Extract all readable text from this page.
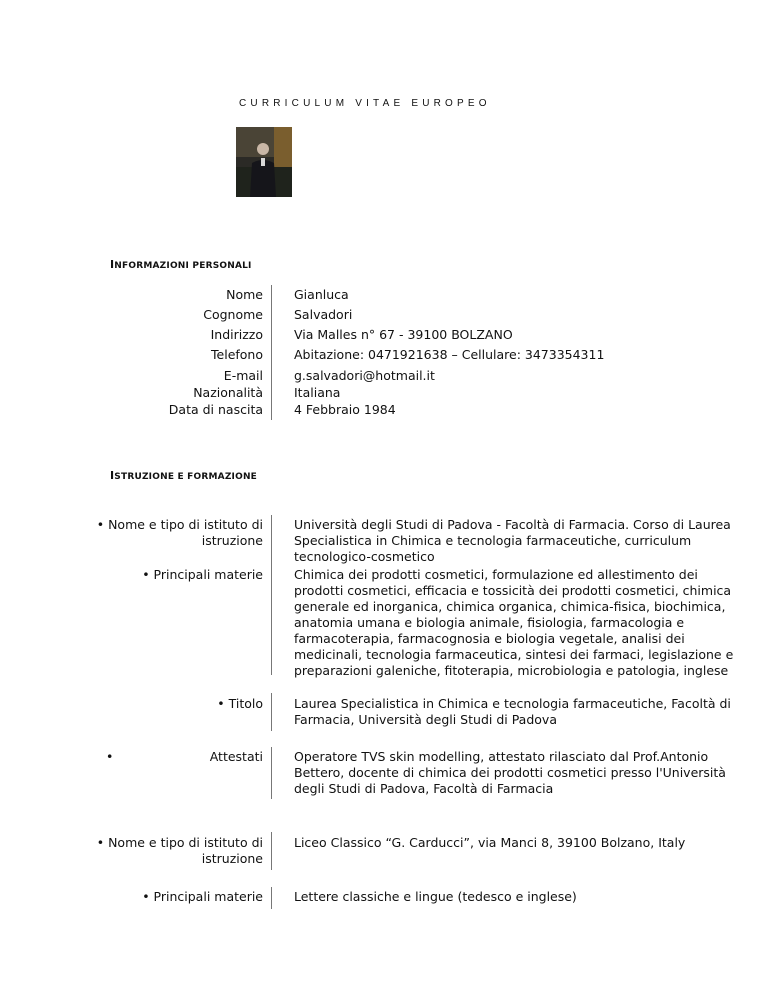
CURRICULUM VITAE EUROPEO
INFORMAZIONI PERSONALI
Nome Gianluca
Cognome Salvadori
Indirizzo Via Malles n° 67 - 39100 BOLZANO
Telefono Abitazione: 0471921638 – Cellulare: 3473354311
E-mail g.salvadori@hotmail.it
Nazionalità Italiana
Data di nascita 4 Febbraio 1984
ISTRUZIONE E FORMAZIONE
• Nome e tipo di istituto di istruzione
Università degli Studi di Padova - Facoltà di Farmacia. Corso di Laurea Specialistica in Chimica e tecnologia farmaceutiche, curriculum tecnologico-cosmetico
• Principali materie Chimica dei prodotti cosmetici, formulazione ed allestimento dei prodotti cosmetici, efficacia e tossicità dei prodotti cosmetici, chimica generale ed inorganica, chimica organica, chimica-fisica, biochimica, anatomia umana e biologia animale, fisiologia, farmacologia e farmacoterapia, farmacognosia e biologia vegetale, analisi dei medicinali, tecnologia farmaceutica, sintesi dei farmaci, legislazione e preparazioni galeniche, fitoterapia, microbiologia e patologia, inglese
• Titolo Laurea Specialistica in Chimica e tecnologia farmaceutiche, Facoltà di Farmacia, Università degli Studi di Padova
•	Attestati Operatore TVS skin modelling, attestato rilasciato dal Prof.Antonio Bettero, docente di chimica dei prodotti cosmetici presso l'Università degli Studi di Padova, Facoltà di Farmacia
• Nome e tipo di istituto di istruzione
Liceo Classico “G. Carducci”, via Manci 8, 39100 Bolzano, Italy
• Principali materie Lettere classiche e lingue (tedesco e inglese)
